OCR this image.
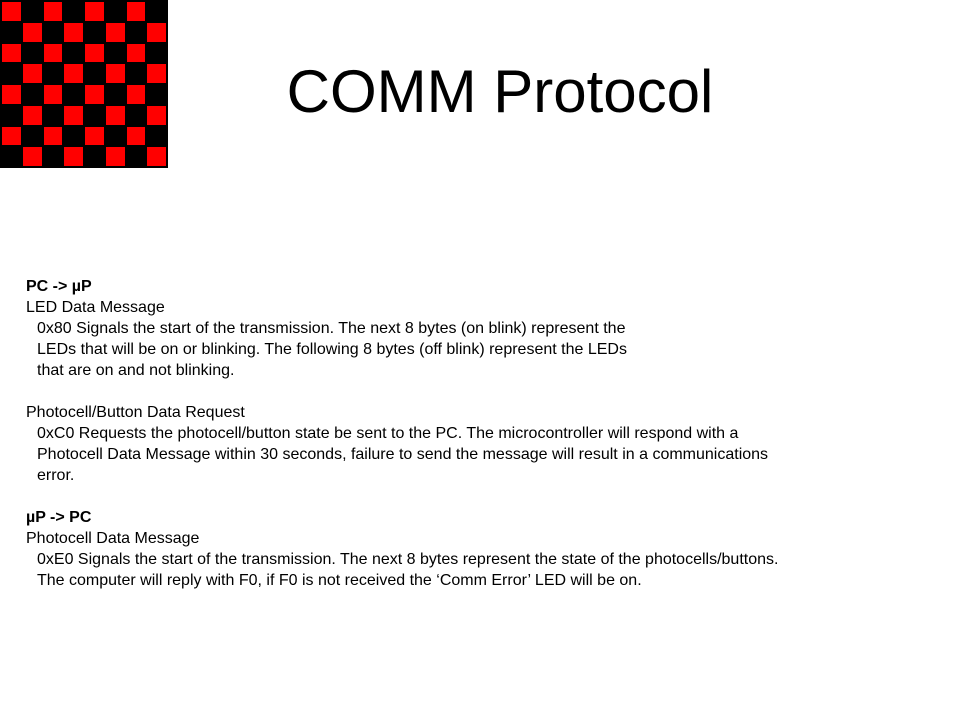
COMM Protocol
PC -> µP
LED Data Message
0x80 Signals the start of the transmission. The next 8 bytes (on blink) represent the
LEDs that will be on or blinking. The following 8 bytes (off blink) represent the LEDs
that are on and not blinking.
Photocell/Button Data Request
0xC0 Requests the photocell/button state be sent to the PC. The microcontroller will respond with a
Photocell Data Message within 30 seconds, failure to send the message will result in a communications
error.
µP -> PC
Photocell Data Message
0xE0 Signals the start of the transmission. The next 8 bytes represent the state of the photocells/buttons.
The computer will reply with F0, if F0 is not received the ‘Comm Error’ LED will be on.
